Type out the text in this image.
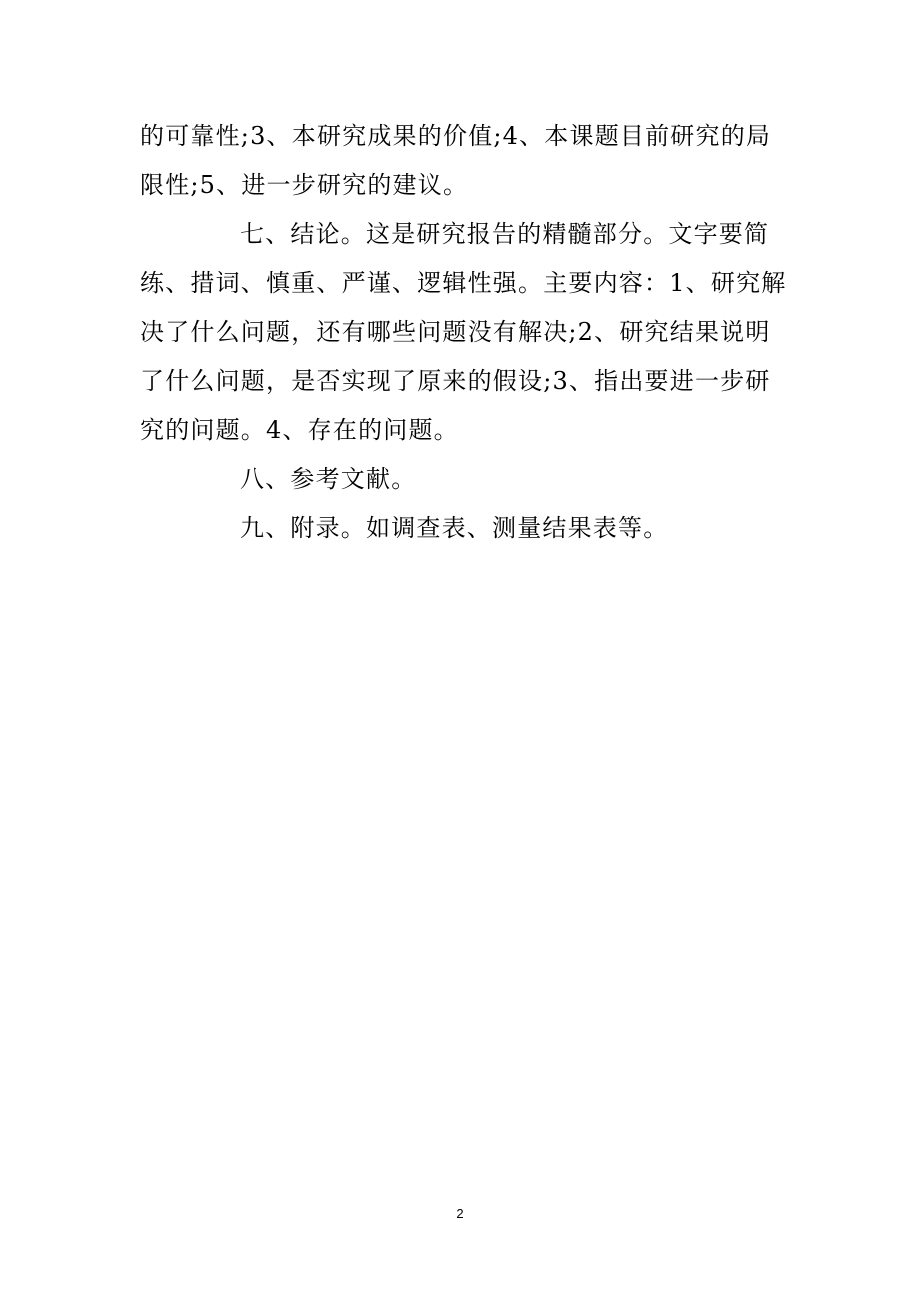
的可靠性;3、本研究成果的价值;4、本课题目前研究的局
限性;5、进一步研究的建议。
七、结论。这是研究报告的精髓部分。文字要简
练、措词、慎重、严谨、逻辑性强。主要内容：1、研究解
决了什么问题，还有哪些问题没有解决;2、研究结果说明
了什么问题，是否实现了原来的假设;3、指出要进一步研
究的问题。4、存在的问题。
八、参考文献。
九、附录。如调查表、测量结果表等。
2
